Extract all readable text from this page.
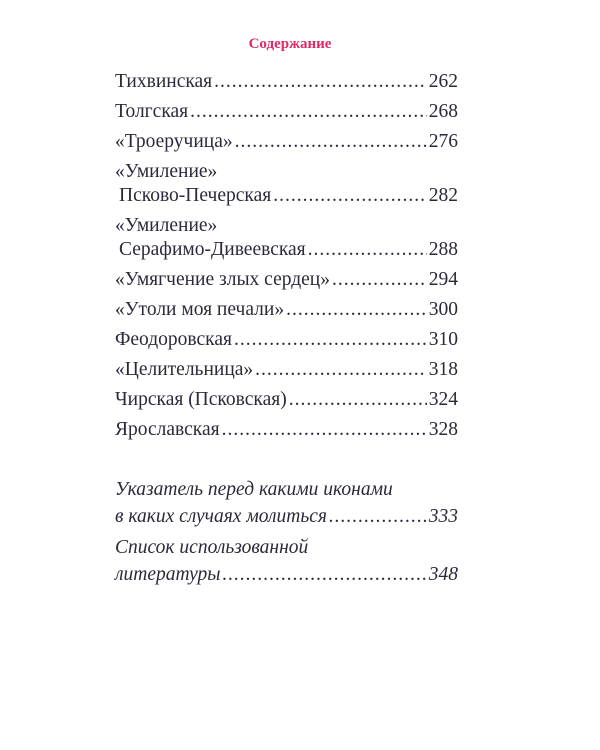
Содержание
Тихвинская .....	262
Толгская .....	268
«Троеручица» .....	276
«Умиление»
Псково-Печерская .....	282
«Умиление»
Серафимо-Дивеевская .....	288
«Умягчение злых сердец» .....	294
«Утоли моя печали» .....	300
Феодоровская .....	310
«Целительница» .....	318
Чирская (Псковская) .....	324
Ярославская .....	328
Указатель перед какими иконами
в каких случаях молиться .....	333
Список использованной
литературы .....	348
